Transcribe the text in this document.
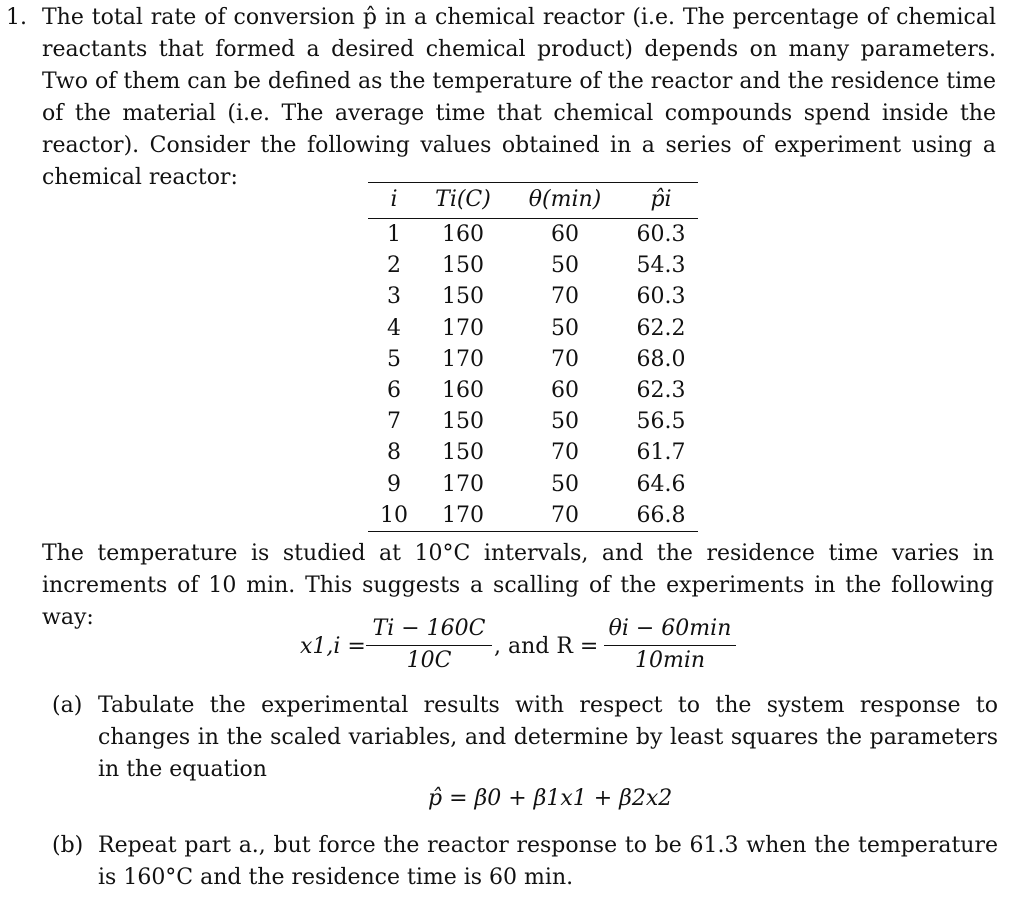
1. The total rate of conversion p̂ in a chemical reactor (i.e. The percentage of chemical reactants that formed a desired chemical product) depends on many parameters. Two of them can be defined as the temperature of the reactor and the residence time of the material (i.e. The average time that chemical compounds spend inside the reactor). Consider the following values obtained in a series of experiment using a chemical reactor:
i	Ti(C)	θ(min)	p̂i
1	160	60	60.3
2	150	50	54.3
3	150	70	60.3
4	170	50	62.2
5	170	70	68.0
6	160	60	62.3
7	150	50	56.5
8	150	70	61.7
9	170	50	64.6
10	170	70	66.8
The temperature is studied at 10°C intervals, and the residence time varies in increments of 10 min. This suggests a scalling of the experiments in the following way:
$x1,i = \frac{Ti - 160C}{10C}$ , and R =
θi − 60min
10min
(a) Tabulate the experimental results with respect to the system response to changes in the scaled variables, and determine by least squares the parameters in the equation
p̂ = β0 + β1x1 + β2x2
(b) Repeat part a., but force the reactor response to be 61.3 when the temperature is 160°C and the residence time is 60 min.
